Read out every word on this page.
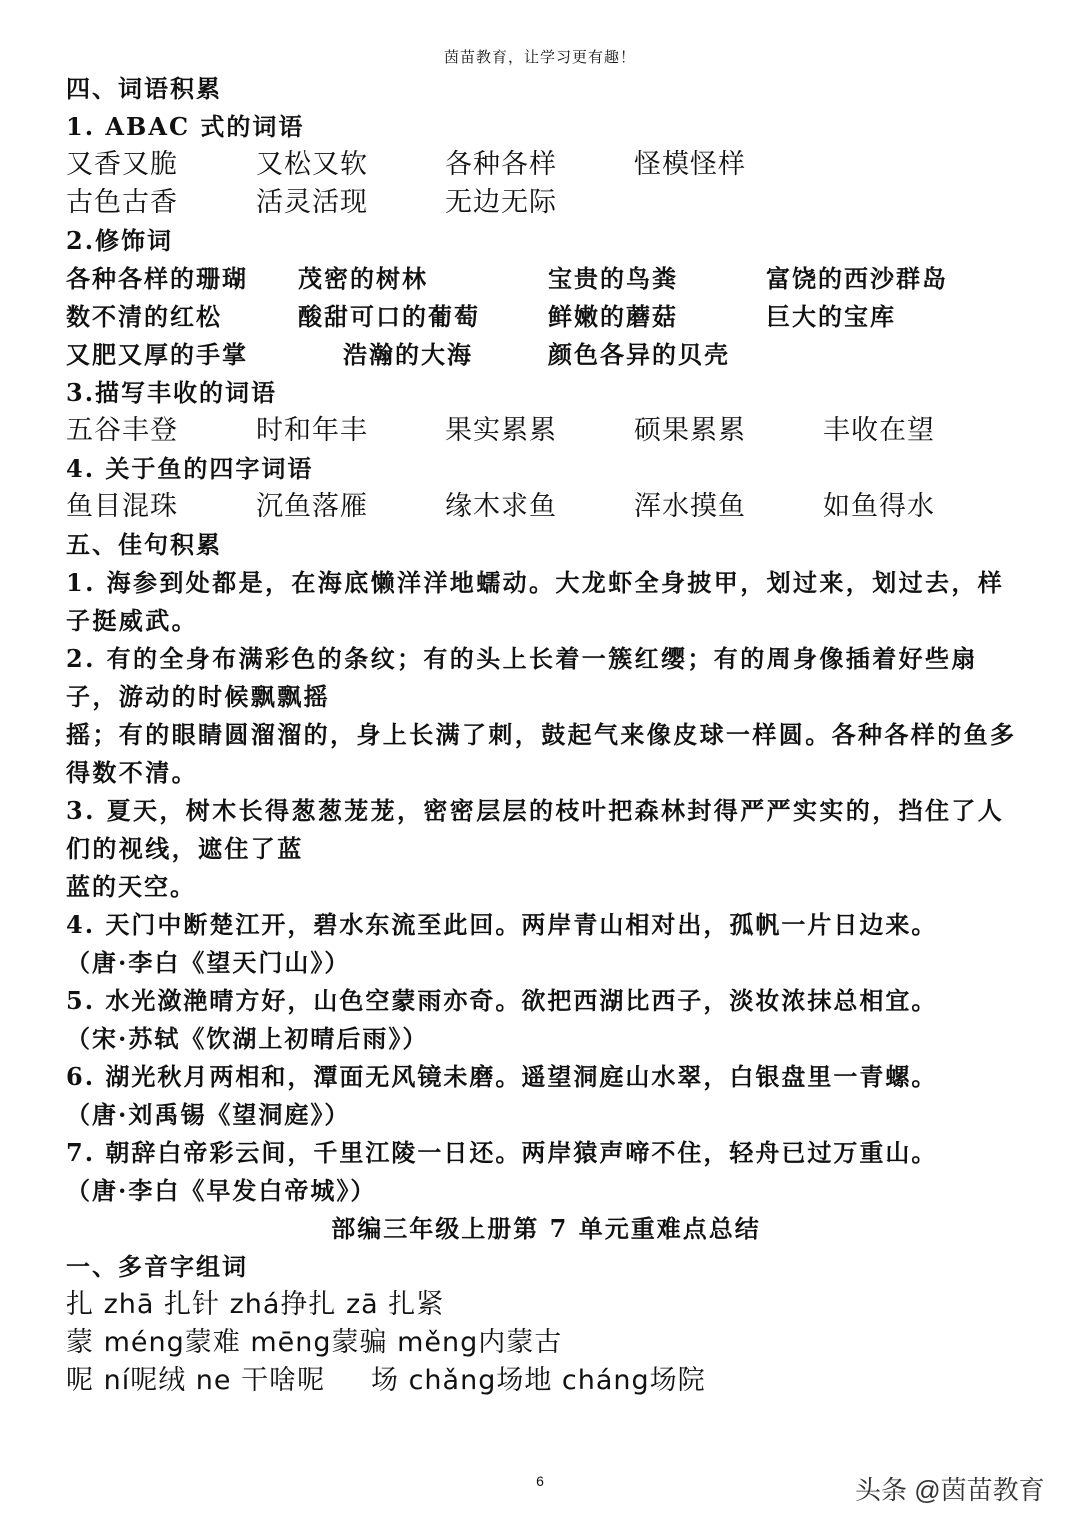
茵苗教育，让学习更有趣！
四、词语积累
1. ABAC 式的词语
又香又脆	又松又软	各种各样	怪模怪样
古色古香	活灵活现	无边无际
2.修饰词
各种各样的珊瑚 茂密的树林	宝贵的鸟粪	富饶的西沙群岛
数不清的红松	酸甜可口的葡萄	鲜嫩的蘑菇	巨大的宝库
又肥又厚的手掌	浩瀚的大海	颜色各异的贝壳
3.描写丰收的词语
五谷丰登	时和年丰	果实累累	硕果累累	丰收在望
4. 关于鱼的四字词语
鱼目混珠	沉鱼落雁	缘木求鱼	浑水摸鱼	如鱼得水
五、佳句积累
1. 海参到处都是，在海底懒洋洋地蠕动。大龙虾全身披甲，划过来，划过去，样子挺威武。
2. 有的全身布满彩色的条纹；有的头上长着一簇红缨；有的周身像插着好些扇子，游动的时候飘飘摇
摇；有的眼睛圆溜溜的，身上长满了刺，鼓起气来像皮球一样圆。各种各样的鱼多得数不清。
3. 夏天，树木长得葱葱茏茏，密密层层的枝叶把森林封得严严实实的，挡住了人们的视线，遮住了蓝
蓝的天空。
4. 天门中断楚江开，碧水东流至此回。两岸青山相对出，孤帆一片日边来。
（唐·李白《望天门山》）
5. 水光潋滟晴方好，山色空蒙雨亦奇。欲把西湖比西子，淡妆浓抹总相宜。
（宋·苏轼《饮湖上初晴后雨》）
6. 湖光秋月两相和，潭面无风镜未磨。遥望洞庭山水翠，白银盘里一青螺。
（唐·刘禹锡《望洞庭》）
7. 朝辞白帝彩云间，千里江陵一日还。两岸猿声啼不住，轻舟已过万重山。
（唐·李白《早发白帝城》）
部编三年级上册第 7 单元重难点总结
一、多音字组词
扎 zhā 扎针 zhá挣扎 zā 扎紧
蒙 méng蒙难 mēng蒙骗 měng内蒙古
呢 ní呢绒 ne 干啥呢 场 chǎng场地 cháng场院
6	头条 @茵苗教育
